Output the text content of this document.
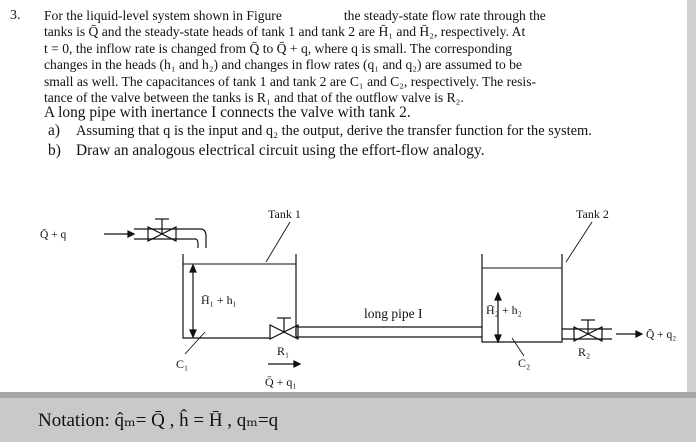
3. For the liquid-level system shown in Figure	the steady-state flow rate through the

tanks is Q̄ and the steady-state heads of tank 1 and tank 2 are H̄₁ and H̄₂, respectively. At

t = 0, the inflow rate is changed from Q̄ to Q̄ + q, where q is small. The corresponding

changes in the heads (h₁ and h₂) and changes in flow rates (q₁ and q₂) are assumed to be

small as well. The capacitances of tank 1 and tank 2 are C₁ and C₂, respectively. The resis-

tance of the valve between the tanks is R₁ and that of the outflow valve is R₂.

A long pipe with inertance I connects the valve with tank 2.
a) Assuming that q is the input and q₂ the output, derive the transfer function for the system.
b) Draw an analogous electrical circuit using the effort-flow analogy.
Q̄ + q
Tank 1	Tank 2
H̄₁ + h₁
H̄₂ + h₂
long pipe I
R₁	R₂
C₁	C₂
Q̄ + q₁
Q̄ + q₂
Notation: q̂ₘ= Q̄ , ĥ = H̄ , qₘ=q
